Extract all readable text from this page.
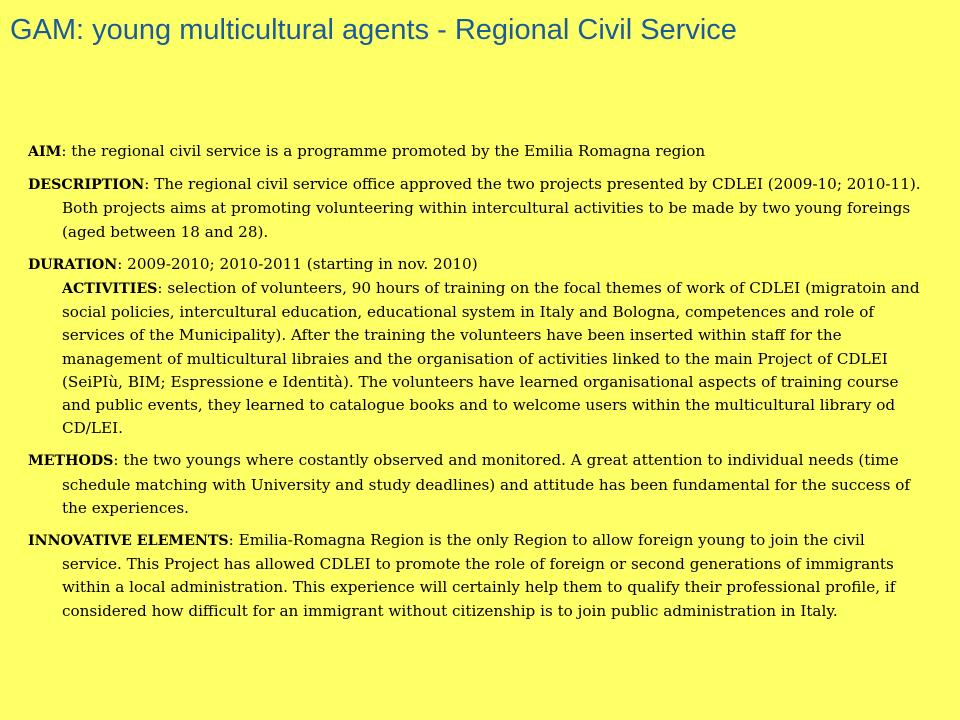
GAM: young multicultural agents - Regional Civil Service

AIM: the regional civil service is a programme promoted by the Emilia Romagna region

DESCRIPTION: The regional civil service office approved the two projects presented by CDLEI (2009-10; 2010-11). Both projects aims at promoting volunteering within intercultural activities to be made by two young foreings (aged between 18 and 28).

DURATION: 2009-2010; 2010-2011 (starting in nov. 2010)

ACTIVITIES: selection of volunteers, 90 hours of training on the focal themes of work of CDLEI (migratoin and social policies, intercultural education, educational system in Italy and Bologna, competences and role of services of the Municipality). After the training the volunteers have been inserted within staff for the management of multicultural libraies and the organisation of activities linked to the main Project of CDLEI (SeiPIù, BIM; Espressione e Identità). The volunteers have learned organisational aspects of training course and public events, they learned to catalogue books and to welcome users within the multicultural library od CD/LEI.

METHODS: the two youngs where costantly observed and monitored. A great attention to individual needs (time schedule matching with University and study deadlines) and attitude has been fundamental for the success of the experiences.

INNOVATIVE ELEMENTS: Emilia-Romagna Region is the only Region to allow foreign young to join the civil service. This Project has allowed CDLEI to promote the role of foreign or second generations of immigrants within a local administration. This experience will certainly help them to qualify their professional profile, if considered how difficult for an immigrant without citizenship is to join public administration in Italy.
